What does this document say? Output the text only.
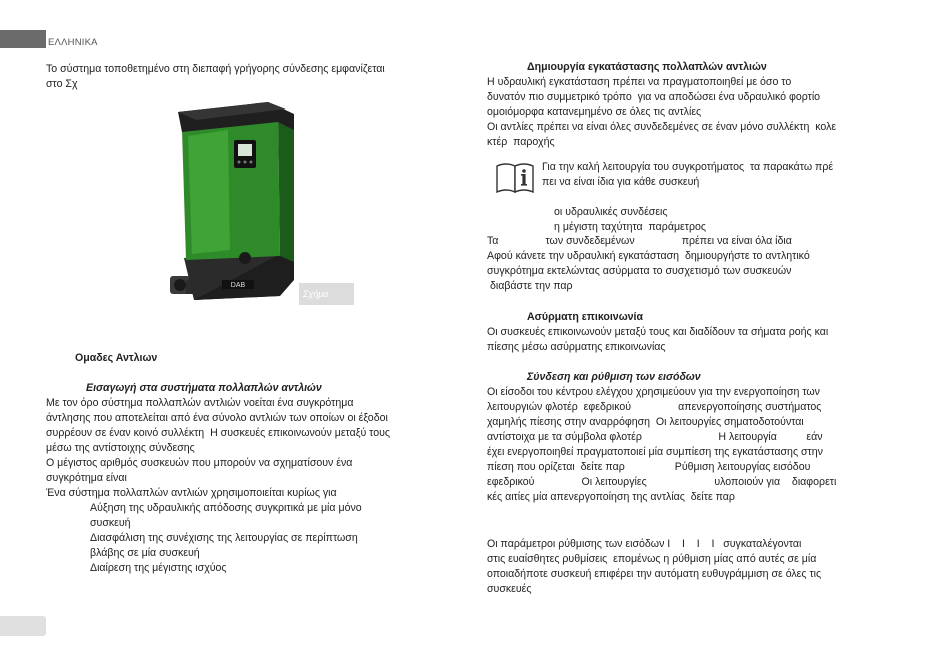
ΕΛΛΗΝΙΚΑ

Το σύστημα τοποθετημένο στη διεπαφή γρήγορης σύνδεσης εμφανίζεται
στο Σχ

DAB
Σχήμα

Ομαδες Αντλιων

Εισαγωγή στα συστήματα πολλαπλών αντλιών

Με τον όρο σύστημα πολλαπλών αντλιών νοείται ένα συγκρότημα
άντλησης που αποτελείται από ένα σύνολο αντλιών των οποίων οι έξοδοι
συρρέουν σε έναν κοινό συλλέκτη  Η συσκευές επικοινωνούν μεταξύ τους
μέσω της αντίστοιχης σύνδεσης

Ο μέγιστος αριθμός συσκευών που μπορούν να σχηματίσουν ένα
συγκρότημα είναι

Ένα σύστημα πολλαπλών αντλιών χρησιμοποιείται κυρίως για

Αύξηση της υδραυλικής απόδοσης συγκριτικά με μία μόνο
συσκευή

Διασφάλιση της συνέχισης της λειτουργίας σε περίπτωση
βλάβης σε μία συσκευή

Διαίρεση της μέγιστης ισχύος

Δημιουργία εγκατάστασης πολλαπλών αντλιών

Η υδραυλική εγκατάσταση πρέπει να πραγματοποιηθεί με όσο το
δυνατόν πιο συμμετρικό τρόπο  για να αποδώσει ένα υδραυλικό φορτίο
ομοιόμορφα κατανεμημένο σε όλες τις αντλίες
Οι αντλίες πρέπει να είναι όλες συνδεδεμένες σε έναν μόνο συλλέκτη  κολε
κτέρ  παροχής

Για την καλή λειτουργία του συγκροτήματος  τα παρακάτω πρέ
πει να είναι ίδια για κάθε συσκευή

οι υδραυλικές συνδέσεις

η μέγιστη ταχύτητα  παράμετρος

Τα                των συνδεδεμένων                πρέπει να είναι όλα ίδια
Αφού κάνετε την υδραυλική εγκατάσταση  δημιουργήστε το αντλητικό
συγκρότημα εκτελώντας ασύρματα το συσχετισμό των συσκευών
διαβάστε την παρ

Ασύρματη επικοινωνία

Οι συσκευές επικοινωνούν μεταξύ τους και διαδίδουν τα σήματα ροής και
πίεσης μέσω ασύρματης επικοινωνίας

Σύνδεση και ρύθμιση των εισόδων

Οι είσοδοι του κέντρου ελέγχου χρησιμεύουν για την ενεργοποίηση των
λειτουργιών φλοτέρ  εφεδρικού                απενεργοποίησης συστήματος
χαμηλής πίεσης στην αναρρόφηση  Οι λειτουργίες σηματοδοτούνται
αντίστοιχα με τα σύμβολα φλοτέρ                          Η λειτουργία          εάν
έχει ενεργοποιηθεί πραγματοποιεί μία συμπίεση της εγκατάστασης στην
πίεση που ορίζεται  δείτε παρ                 Ρύθμιση λειτουργίας εισόδου
εφεδρικού                Οι λειτουργίες                       υλοποιούν για    διαφορετι
κές αιτίες μία απενεργοποίηση της αντλίας  δείτε παρ

Οι παράμετροι ρύθμισης των εισόδων I    I    I    I   συγκαταλέγονται
στις ευαίσθητες ρυθμίσεις  επομένως η ρύθμιση μίας από αυτές σε μία
οποιαδήποτε συσκευή επιφέρει την αυτόματη ευθυγράμμιση σε όλες τις
συσκευές
